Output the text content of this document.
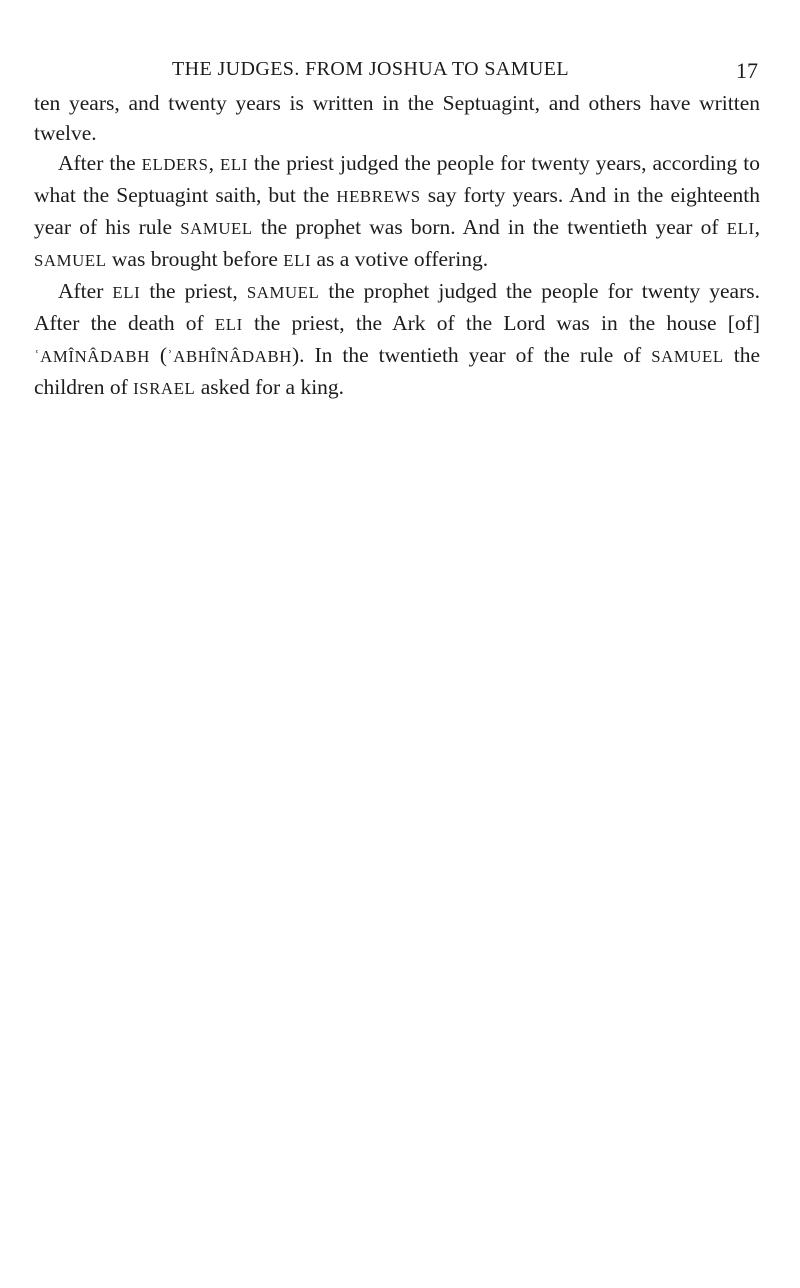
THE JUDGES. FROM JOSHUA TO SAMUEL	17

ten years, and twenty years is written in the Septuagint, and others have written twelve.

After the ELDERS, ELI the priest judged the people for twenty years, according to what the Septuagint saith, but the HEBREWS say forty years. And in the eighteenth year of his rule SAMUEL the prophet was born. And in the twentieth year of ELI, SAMUEL was brought before ELI as a votive offering.

After ELI the priest, SAMUEL the prophet judged the people for twenty years. After the death of ELI the priest, the Ark of the Lord was in the house [of] ʿAMÎNÂDABH (ʾABHÎNÂDABH). In the twentieth year of the rule of SAMUEL the children of ISRAEL asked for a king.
